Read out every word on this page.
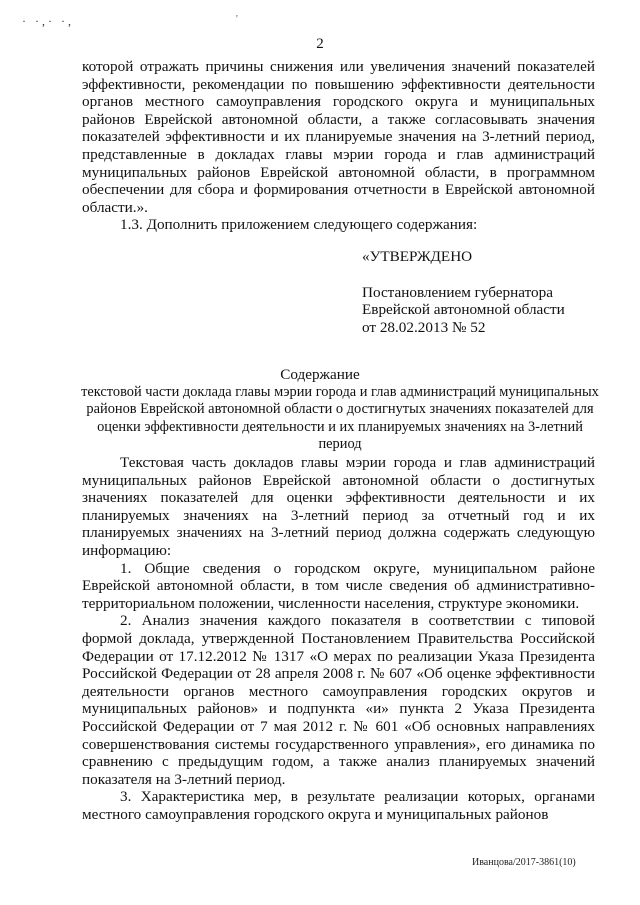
· ·,· ·,	'
2

которой отражать причины снижения или увеличения значений показателей эффективности, рекомендации по повышению эффективности деятельности органов местного самоуправления городского округа и муниципальных районов Еврейской автономной области, а также согласовывать значения показателей эффективности и их планируемые значения на 3-летний период, представленные в докладах главы мэрии города и глав администраций муниципальных районов Еврейской автономной области, в программном обеспечении для сбора и формирования отчетности в Еврейской автономной области.».

1.3. Дополнить приложением следующего содержания:

«УТВЕРЖДЕНО
Постановлением губернатора
Еврейской автономной области
от 28.02.2013 № 52
Содержание
текстовой части доклада главы мэрии города и глав администраций муниципальных районов Еврейской автономной области о достигнутых значениях показателей для оценки эффективности деятельности и их планируемых значениях на 3-летний период

Текстовая часть докладов главы мэрии города и глав администраций муниципальных районов Еврейской автономной области о достигнутых значениях показателей для оценки эффективности деятельности и их планируемых значениях на 3-летний период за отчетный год и их планируемых значениях на 3-летний период должна содержать следующую информацию:

1. Общие сведения о городском округе, муниципальном районе Еврейской автономной области, в том числе сведения об административно-территориальном положении, численности населения, структуре экономики.

2. Анализ значения каждого показателя в соответствии с типовой формой доклада, утвержденной Постановлением Правительства Российской Федерации от 17.12.2012 № 1317 «О мерах по реализации Указа Президента Российской Федерации от 28 апреля 2008 г. № 607 «Об оценке эффективности деятельности органов местного самоуправления городских округов и муниципальных районов» и подпункта «и» пункта 2 Указа Президента Российской Федерации от 7 мая 2012 г. № 601 «Об основных направлениях совершенствования системы государственного управления», его динамика по сравнению с предыдущим годом, а также анализ планируемых значений показателя на 3-летний период.

3. Характеристика мер, в результате реализации которых, органами местного самоуправления городского округа и муниципальных районов

Иванцова/2017-3861(10)
